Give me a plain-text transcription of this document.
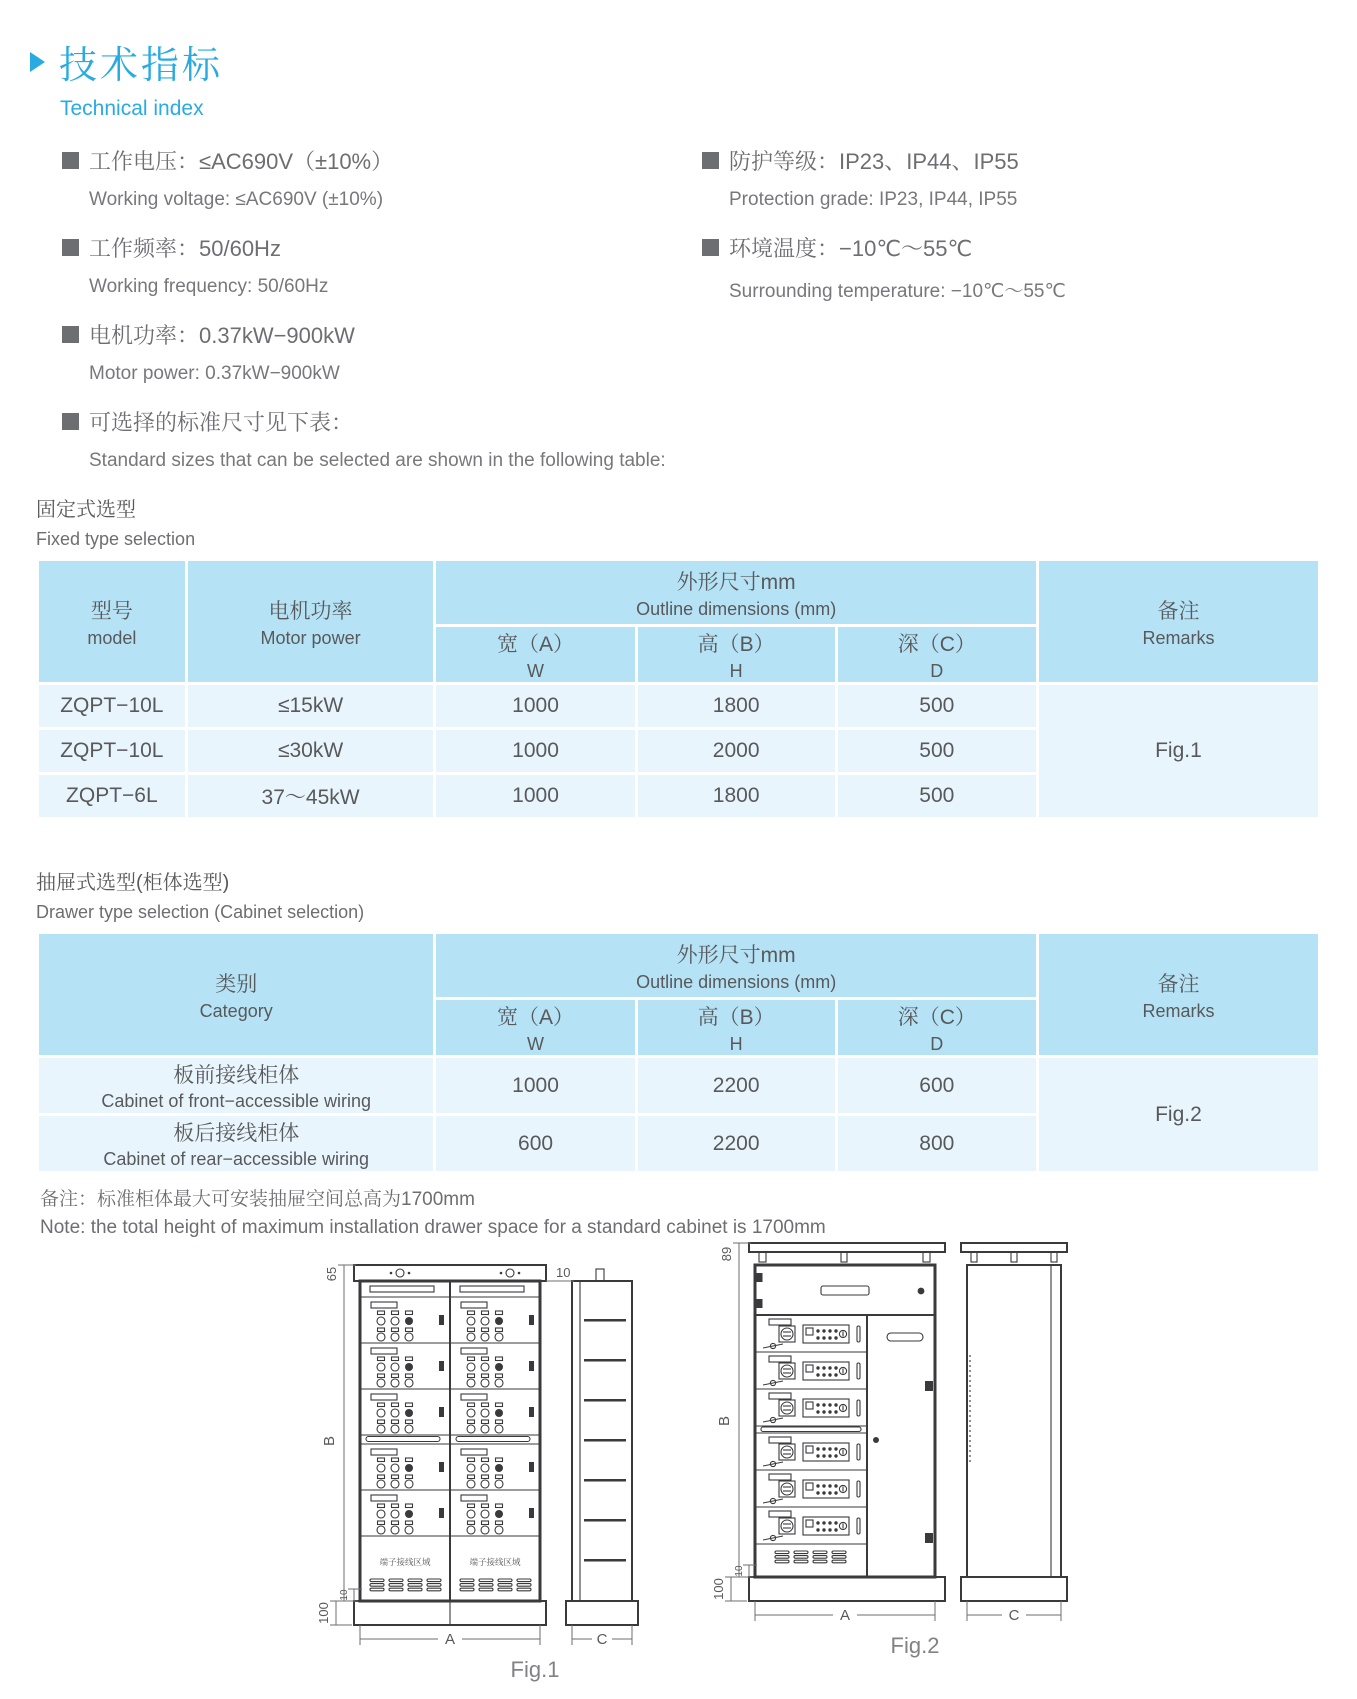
技术指标
Technical index
工作电压：≤AC690V（±10%）
Working voltage: ≤AC690V (±10%)
工作频率：50/60Hz
Working frequency: 50/60Hz
电机功率：0.37kW−900kW
Motor power: 0.37kW−900kW
可选择的标准尺寸见下表：
Standard sizes that can be selected are shown in the following table:
防护等级：IP23、IP44、IP55
Protection grade: IP23, IP44, IP55
环境温度：−10℃～55℃
Surrounding temperature: −10℃～55℃
固定式选型
Fixed type selection
型号
model

电机功率
Motor power

外形尺寸mm
Outline dimensions (mm)	备注
Remarks

宽（A）
W

高（B）
H

深（C）
D

ZQPT−10L	≤15kW	1000	1800	500	Fig.1
ZQPT−10L	≤30kW	1000	2000	500	
ZQPT−6L	37～45kW	1000	1800	500	
抽屉式选型(柜体选型)
Drawer type selection (Cabinet selection)
类别
Category

外形尺寸mm
Outline dimensions (mm)	备注
Remarks

宽（A）
W

高（B）
H

深（C）
D

板前接线柜体
Cabinet of front−accessible wiring	1000	2200	600	Fig.2

板后接线柜体
Cabinet of rear−accessible wiring	600	2200	800	
备注：标准柜体最大可安装抽屉空间总高为1700mm
Note: the total height of maximum installation drawer space for a standard cabinet is 1700mm
端子接线区域	端子接线区域
65
B
10
100
10
A	C
Fig.1
89
B
10
100
A	C
Fig.2
